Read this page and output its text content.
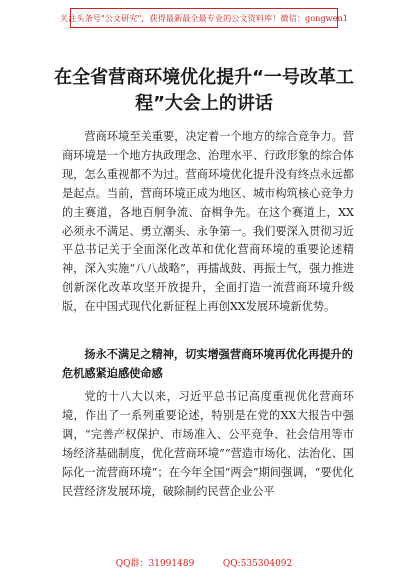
关注头条号"公文研究"，获得最新最全最专业的公文资料库！微信：gongwen1
在全省营商环境优化提升“一号改革工程”大会上的讲话
营商环境至关重要，决定着一个地方的综合竞争力。营商环境是一个地方执政理念、治理水平、行政形象的综合体现，怎么重视都不为过。营商环境优化提升没有终点永远都是起点。当前，营商环境正成为地区、城市构筑核心竞争力的主赛道，各地百舸争流、奋楫争先。在这个赛道上，XX必须永不满足、勇立潮头、永争第一。我们要深入贯彻习近平总书记关于全面深化改革和优化营商环境的重要论述精神，深入实施“八八战略”，再擂战鼓、再振士气，强力推进创新深化改革攻坚开放提升，全面打造一流营商环境升级版，在中国式现代化新征程上再创XX发展环境新优势。
扬永不满足之精神，切实增强营商环境再优化再提升的危机感紧迫感使命感
党的十八大以来，习近平总书记高度重视优化营商环境，作出了一系列重要论述，特别是在党的XX大报告中强调，“完善产权保护、市场准入、公平竞争、社会信用等市场经济基础制度，优化营商环境”“营造市场化、法治化、国际化一流营商环境”；在今年全国“两会”期间强调，“要优化民营经济发展环境，破除制约民营企业公平
QQ群：31991489          QQ:535304092
